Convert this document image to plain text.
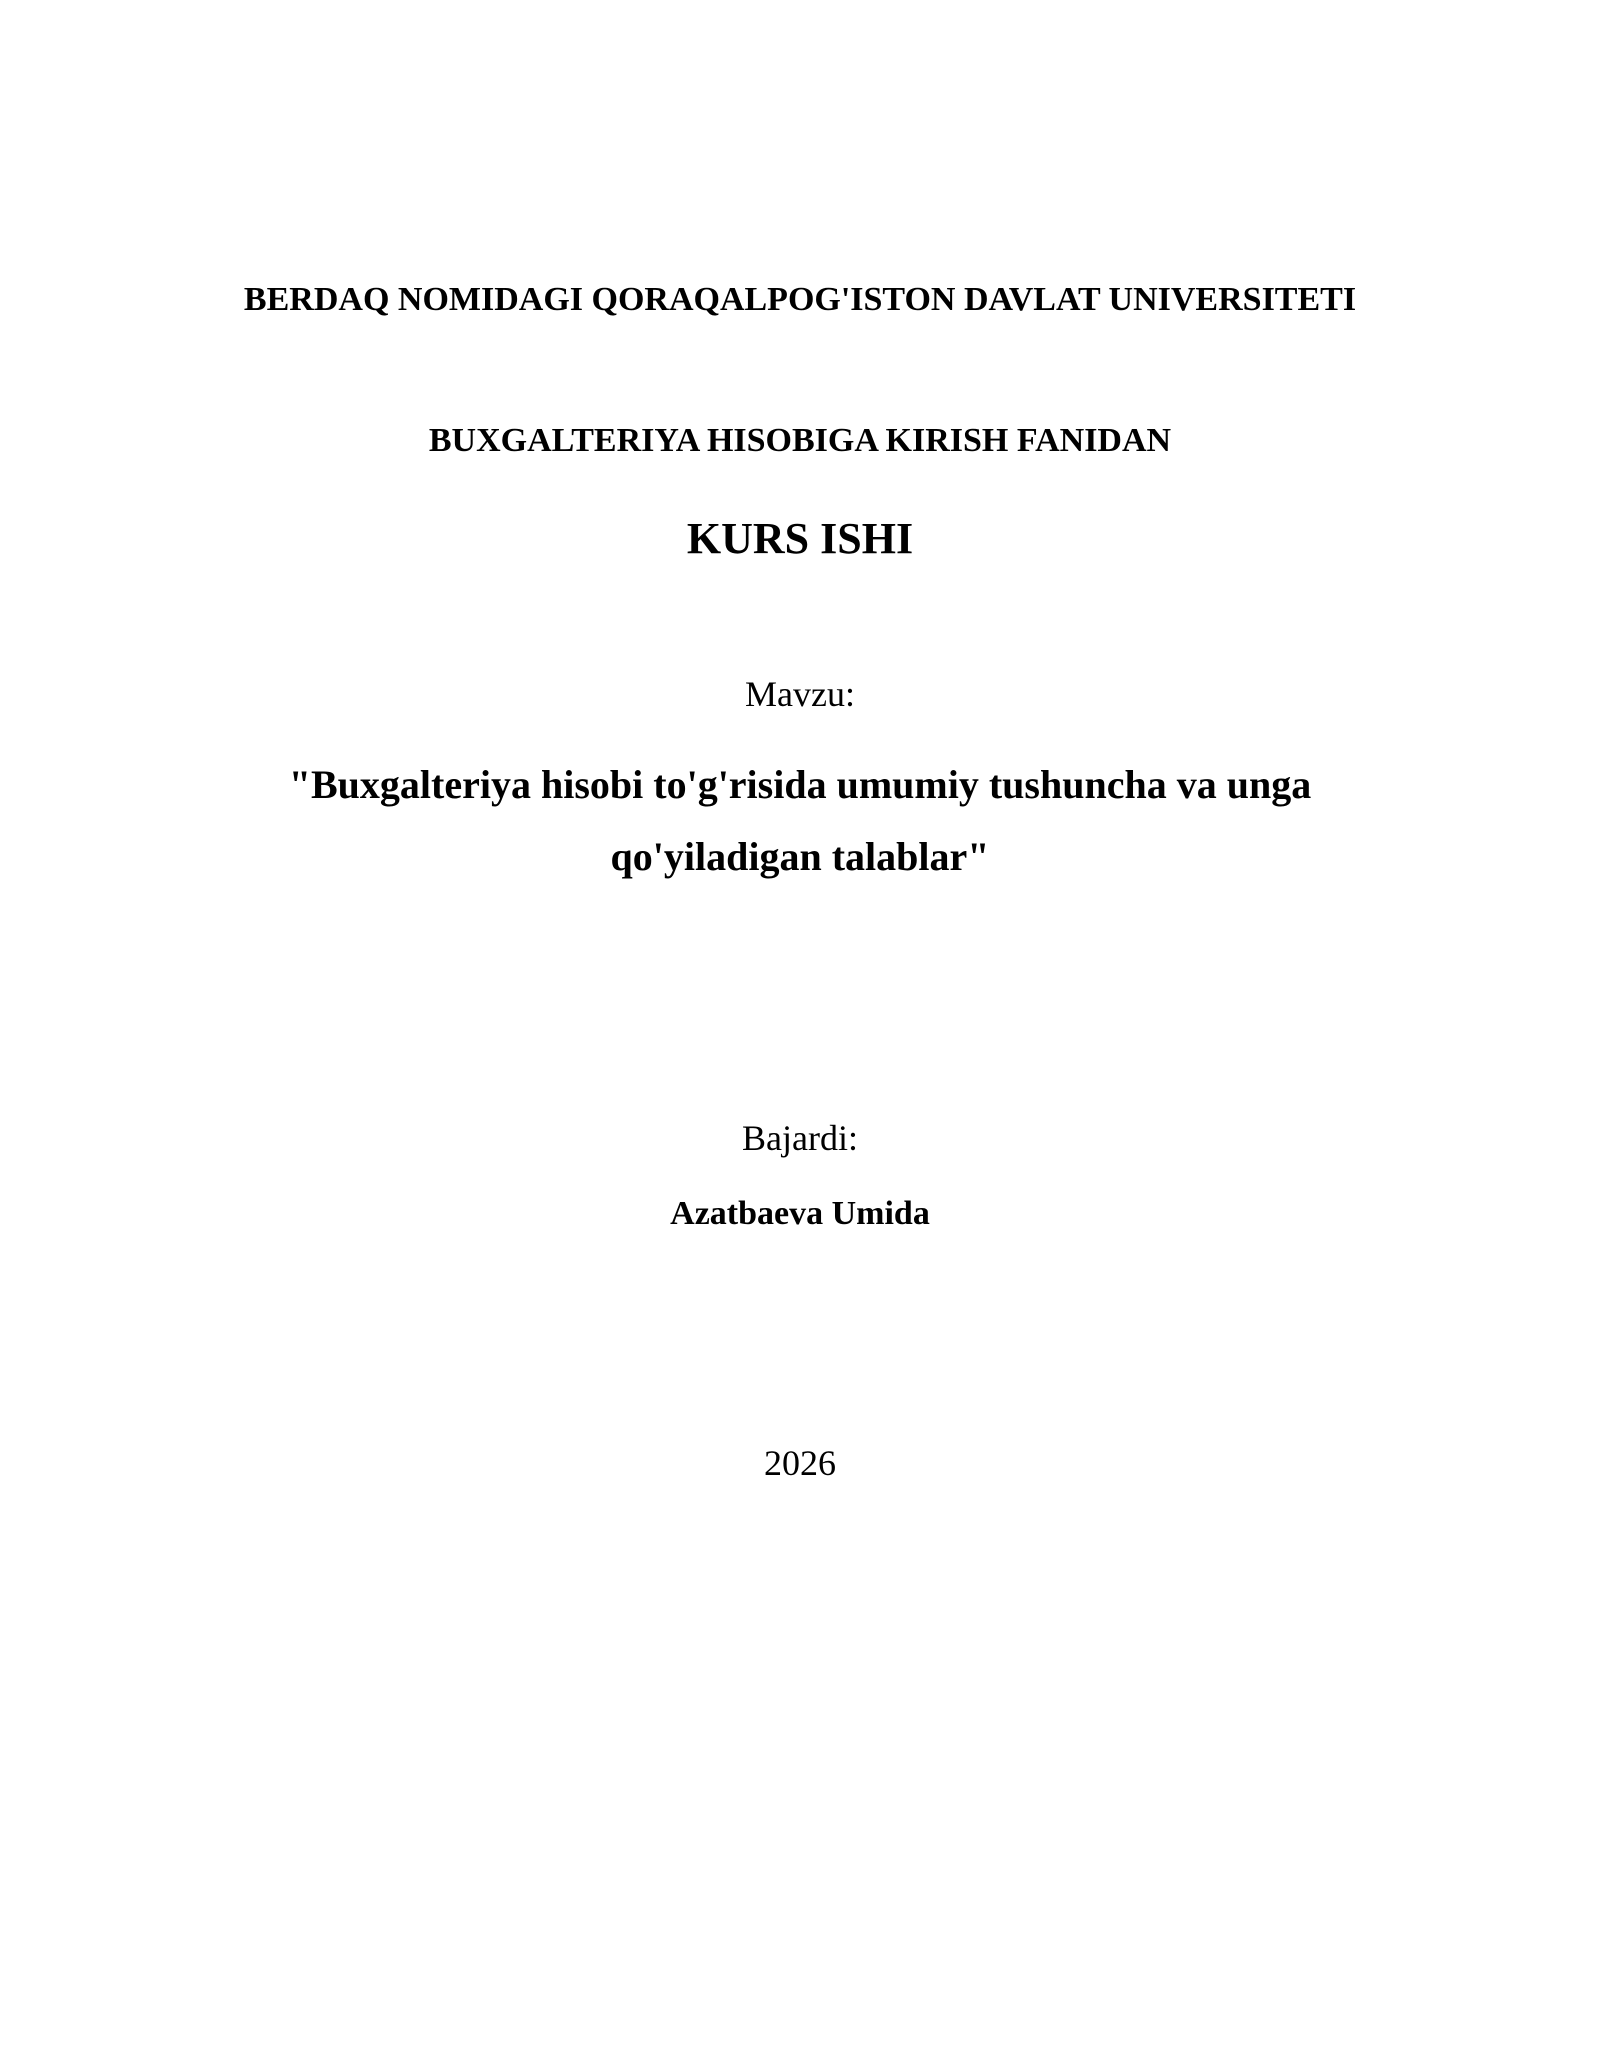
BERDAQ NOMIDAGI QORAQALPOG'ISTON DAVLAT UNIVERSITETI

BUXGALTERIYA HISOBIGA KIRISH FANIDAN

KURS ISHI

Mavzu:

"Buxgalteriya hisobi to'g'risida umumiy tushuncha va unga
qo'yiladigan talablar"

Bajardi:

Azatbaeva Umida

2026
